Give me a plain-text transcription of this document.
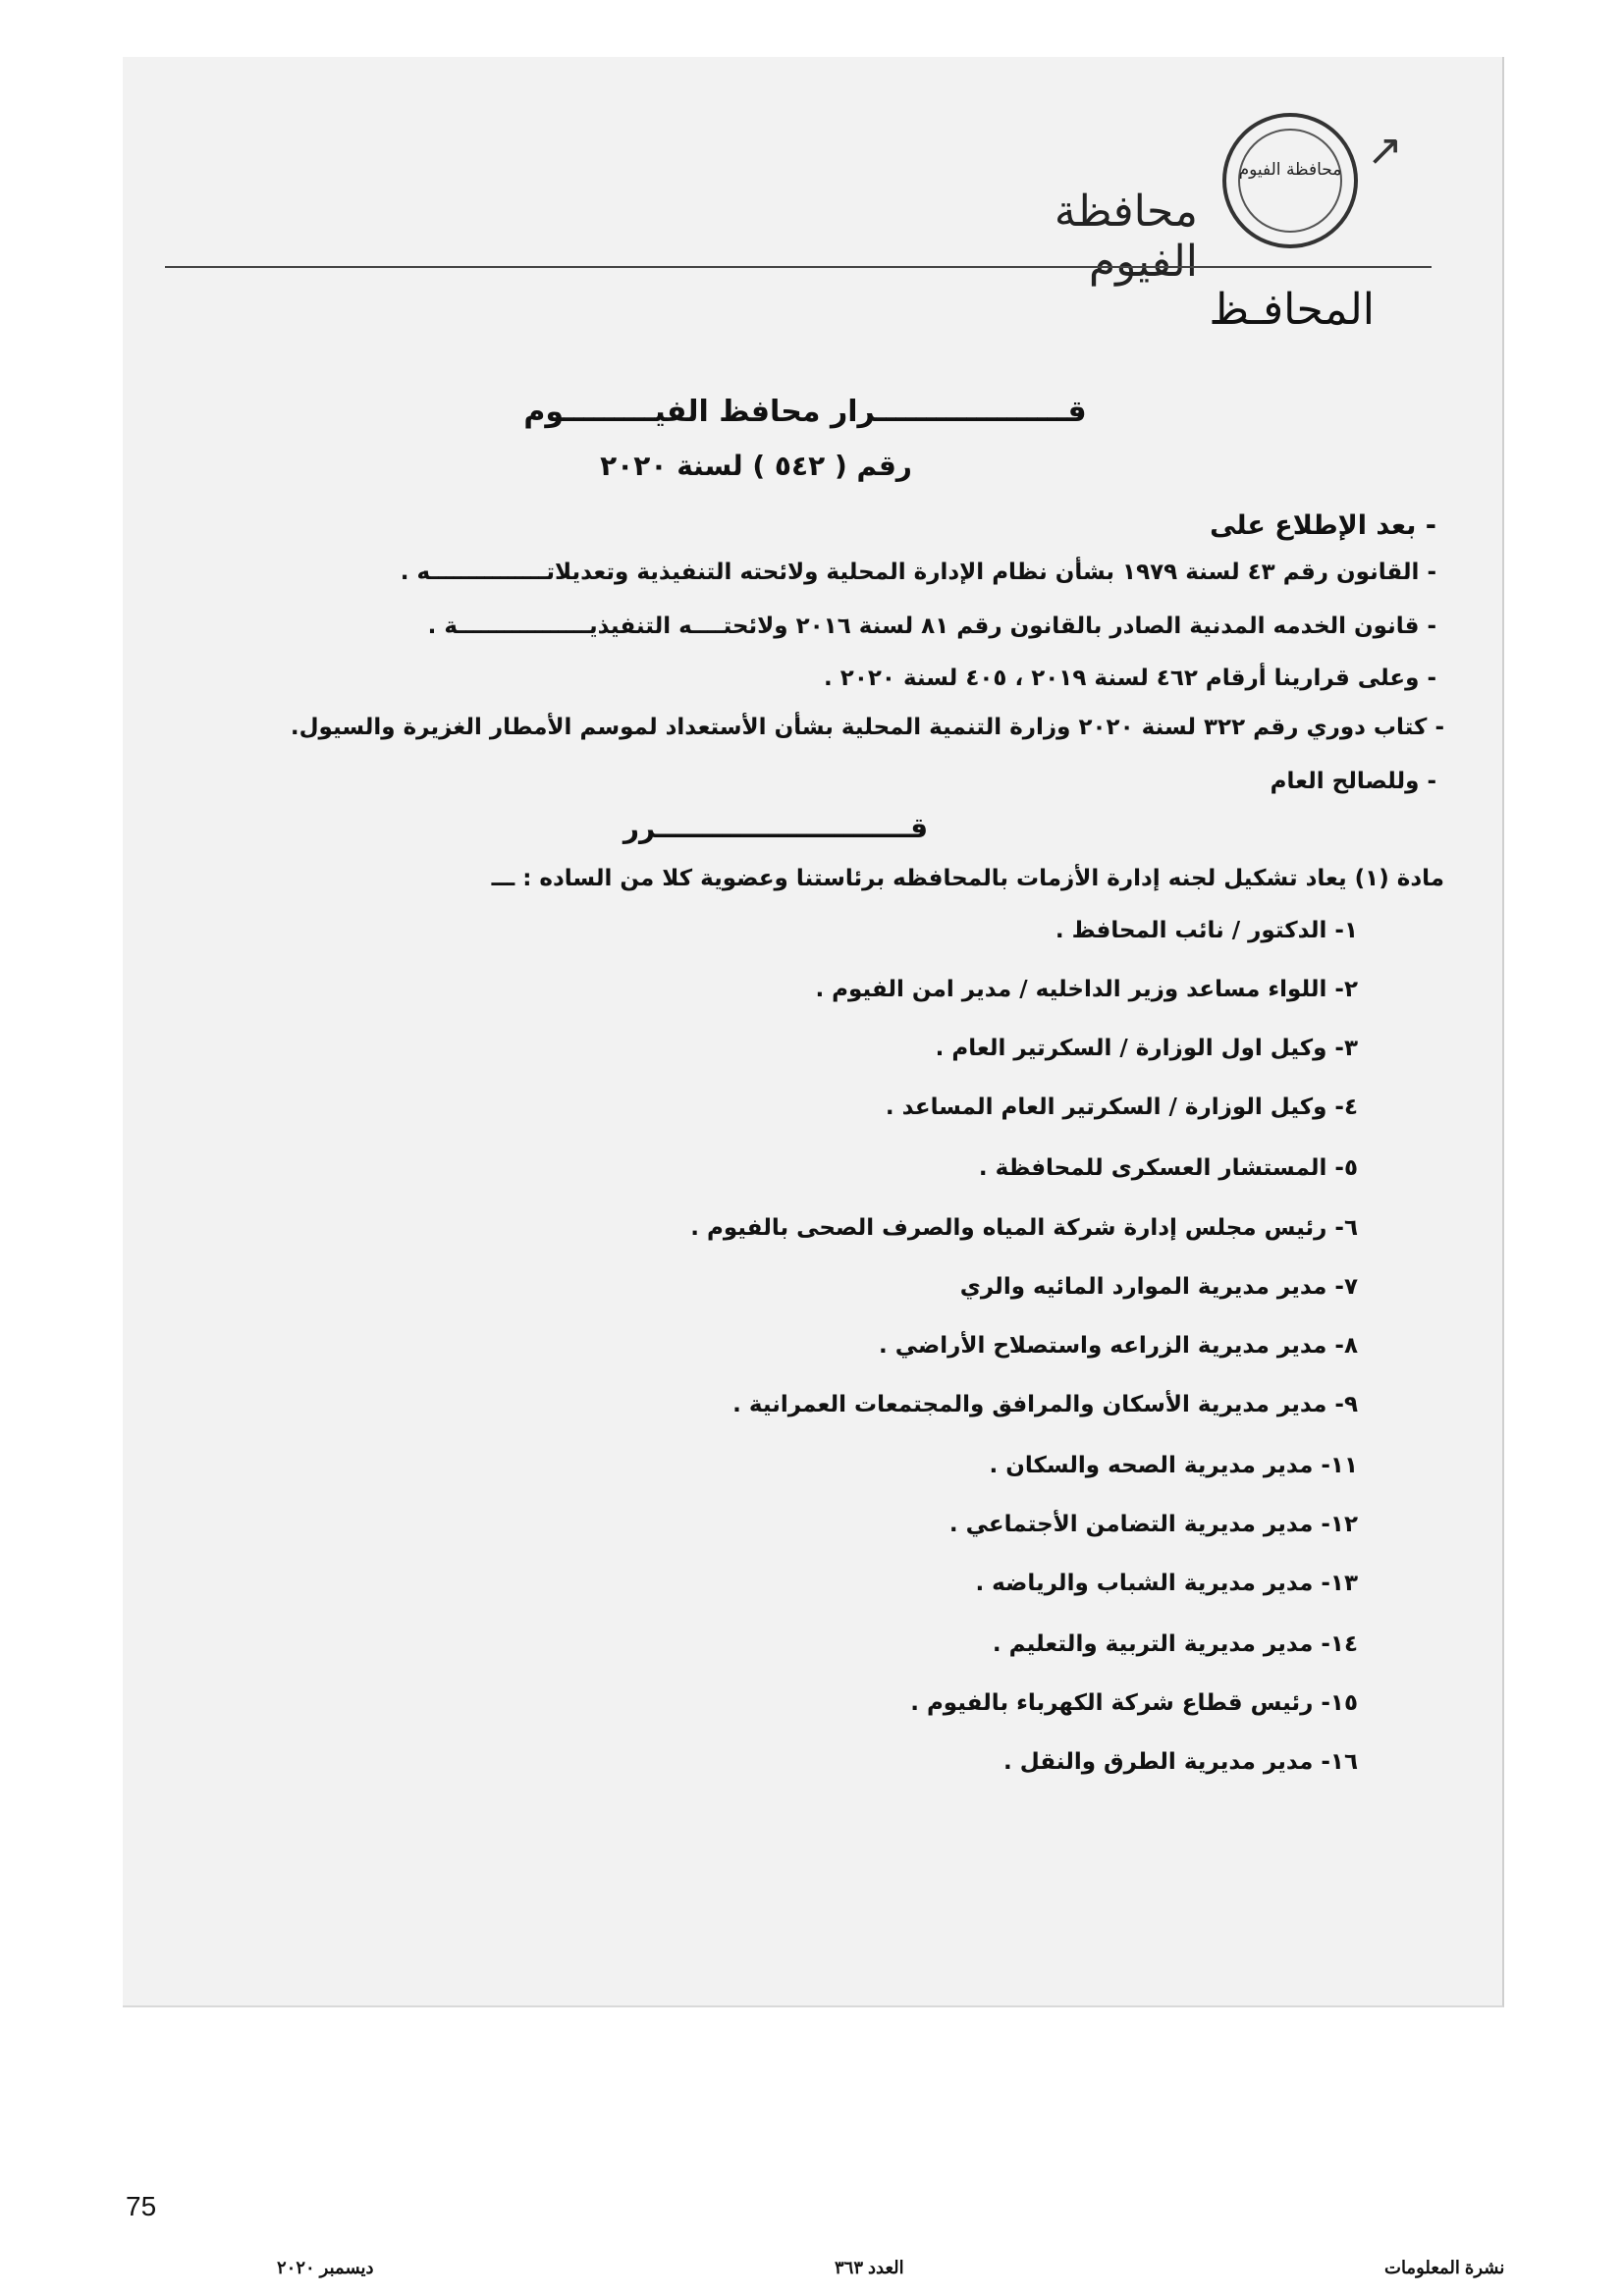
محافظة الفيوم ↗
محافظة الفيوم
المحافـظ
قـــــــــــــــــــرار محافظ الفيـــــــــوم
رقم ( ٥٤٢ ) لسنة ٢٠٢٠
- بعد الإطلاع على
- القانون رقم ٤٣ لسنة ١٩٧٩ بشأن نظام الإدارة المحلية ولائحته التنفيذية وتعديلاتـــــــــــــــه .
- قانون الخدمه المدنية الصادر بالقانون رقم ٨١ لسنة ٢٠١٦ ولائحتــــه التنفيذيـــــــــــــــــة .
- وعلى قرارينا أرقام ٤٦٢ لسنة ٢٠١٩ ، ٤٠٥ لسنة ٢٠٢٠ .
- كتاب دوري رقم ٣٢٢ لسنة ٢٠٢٠ وزارة التنمية المحلية بشأن الأستعداد لموسم الأمطار الغزيرة والسيول.
- وللصالح العام
قـــــــــــــــــــــــــــرر
مادة (١) يعاد تشكيل لجنه إدارة الأزمات بالمحافظه برئاستنا وعضوية كلا من الساده : ـــ
١- الدكتور / نائب المحافظ .
٢- اللواء مساعد وزير الداخليه / مدير امن الفيوم .
٣- وكيل اول الوزارة / السكرتير العام .
٤- وكيل الوزارة / السكرتير العام المساعد .
٥- المستشار العسكرى للمحافظة .
٦- رئيس مجلس إدارة شركة المياه والصرف الصحى بالفيوم .
٧- مدير مديرية الموارد المائيه والري
٨- مدير مديرية الزراعه واستصلاح الأراضي .
٩- مدير مديرية الأسكان والمرافق والمجتمعات العمرانية .
١١- مدير مديرية الصحه والسكان .
١٢- مدير مديرية التضامن الأجتماعي .
١٣- مدير مديرية الشباب والرياضه .
١٤- مدير مديرية التربية والتعليم .
١٥- رئيس قطاع شركة الكهرباء بالفيوم .
١٦- مدير مديرية الطرق والنقل .
75
نشرة المعلومات
العدد ٣٦٣
ديسمبر ٢٠٢٠
